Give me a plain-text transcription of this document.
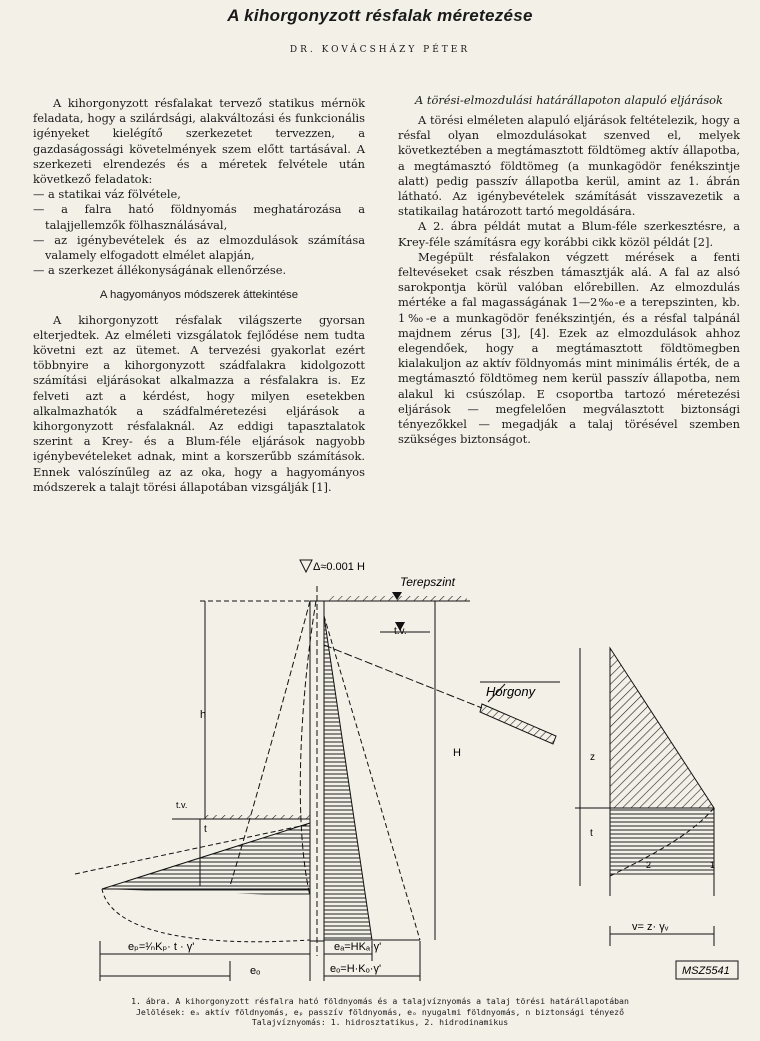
A kihorgonyzott résfalak méretezése
DR. KOVÁCSHÁZY PÉTER

A kihorgonyzott résfalakat tervező statikus mérnök feladata, hogy a szilárdsági, alakváltozási és funkcionális igényeket kielégítő szerkezetet tervezzen, a gazdaságossági követelmények szem előtt tartásával. A szerkezeti elrendezés és a méretek felvétele után következő feladatok:

— a statikai váz fölvétele,
— a falra ható földnyomás meghatározása a talajjellemzők fölhasználásával,
— az igénybevételek és az elmozdulások számítása valamely elfogadott elmélet alapján,
— a szerkezet állékonyságának ellenőrzése.
A hagyományos módszerek áttekintése

A kihorgonyzott résfalak világszerte gyorsan elterjedtek. Az elméleti vizsgálatok fejlődése nem tudta követni ezt az ütemet. A tervezési gyakorlat ezért többnyire a kihorgonyzott szádfalakra kidolgozott számítási eljárásokat alkalmazza a résfalakra is. Ez felveti azt a kérdést, hogy milyen esetekben alkalmazhatók a szádfalméretezési eljárások a kihorgonyzott résfalaknál. Az eddigi tapasztalatok szerint a Krey- és a Blum-féle eljárások nagyobb igénybevételeket adnak, mint a korszerűbb számítások. Ennek valószínűleg az az oka, hogy a hagyományos módszerek a talajt törési állapotában vizsgálják [1].

A törési-elmozdulási határállapoton alapuló eljárások

A törési elméleten alapuló eljárások feltételezik, hogy a résfal olyan elmozdulásokat szenved el, melyek következtében a megtámasztott földtömeg aktív állapotba, a megtámasztó földtömeg (a munkagödör fenékszintje alatt) pedig passzív állapotba kerül, amint az 1. ábrán látható. Az igénybevételek számítását visszavezetik a statikailag határozott tartó megoldására.

A 2. ábra példát mutat a Blum-féle szerkesztésre, a Krey-féle számításra egy korábbi cikk közöl példát [2].

Megépült résfalakon végzett mérések a fenti feltevéseket csak részben támasztják alá. A fal az alsó sarokpontja körül valóban előrebillen. Az elmozdulás mértéke a fal magasságának 1—2‰-e a terepszinten, kb. 1‰-e a munkagödör fenékszintjén, és a résfal talpánál majdnem zérus [3], [4]. Ezek az elmozdulások ahhoz elegendőek, hogy a megtámasztott földtömegben kialakuljon az aktív földnyomás mint minimális érték, de a megtámasztó földtömeg nem kerül passzív állapotba, nem alakul ki csúszólap. E csoportba tartozó méretezési eljárások — megfelelően megválasztott biztonsági tényezőkkel — megadják a talaj törésével szemben szükséges biztonságot.

Δ≈0.001 H
Terepszint
t.v.
Horgony
h
H
t.v.
t
z
t
1
2
eₚ=¹⁄ₙKₚ· t · γ'	eₐ=HKₐ·γ'
eₒ	eₒ=H·Kₒ·γ'
v= z· γᵥ
MSZ5541
1. ábra. A kihorgonyzott résfalra ható földnyomás és a talajvíznyomás a talaj törési határállapotában
Jelölések: eₐ aktív földnyomás, eₚ passzív földnyomás, eₒ nyugalmi földnyomás, n biztonsági tényező
Talajvíznyomás: 1. hidrosztatikus, 2. hidrodinamikus
